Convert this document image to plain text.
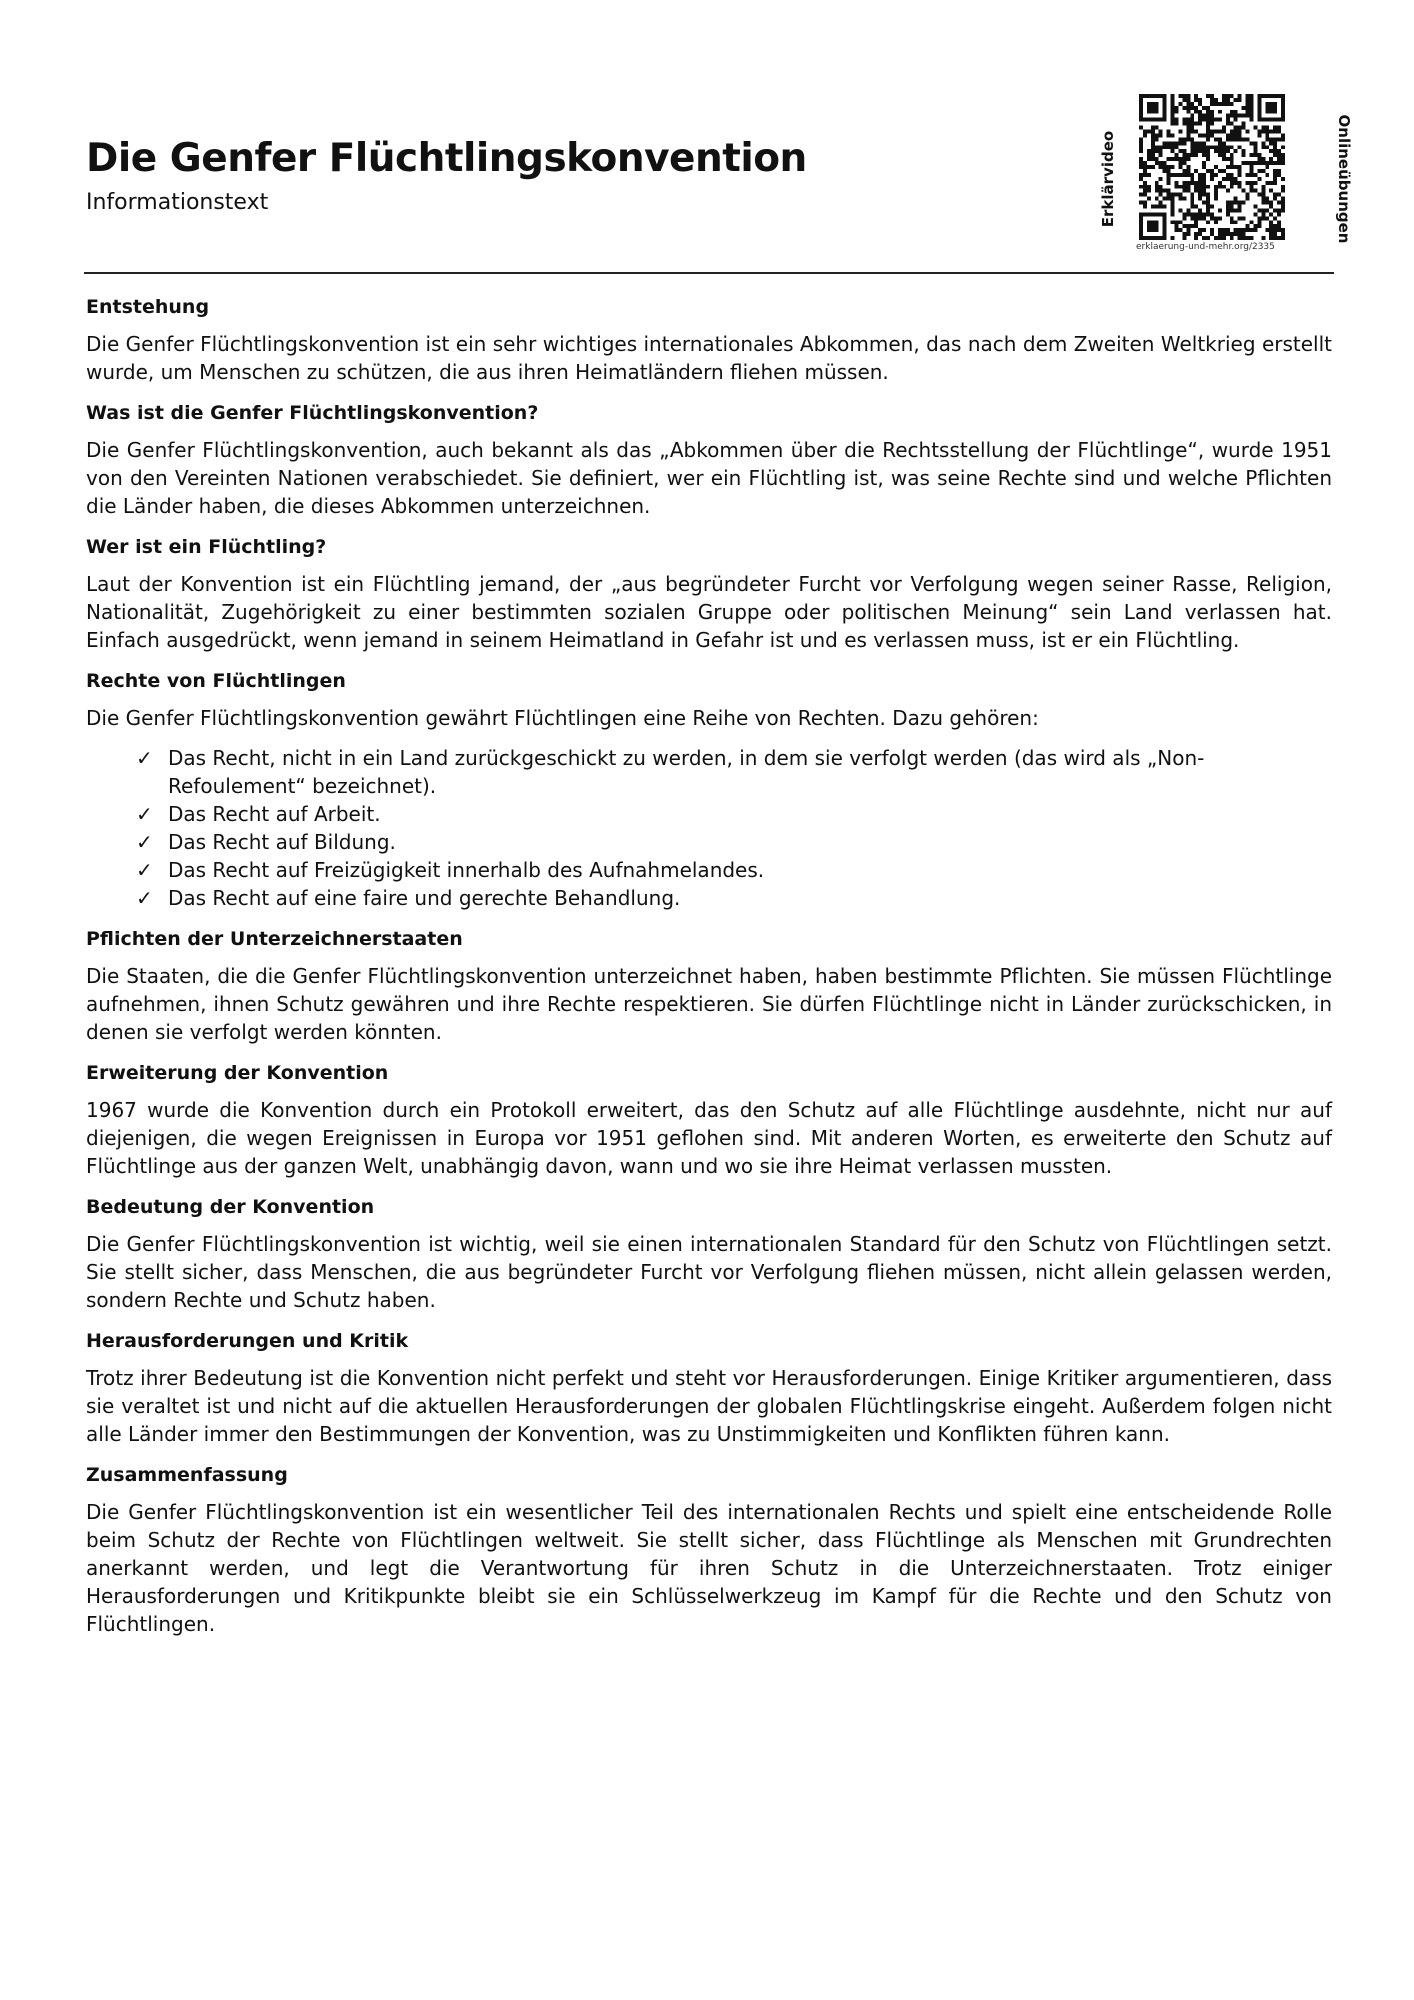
Die Genfer Flüchtlingskonvention
Informationstext	Erklärvideo	Onlineübungen
erklaerung-und-mehr.org/2335
Entstehung

Die Genfer Flüchtlingskonvention ist ein sehr wichtiges internationales Abkommen, das nach dem Zweiten Weltkrieg erstellt wurde, um Menschen zu schützen, die aus ihren Heimatländern fliehen müssen.

Was ist die Genfer Flüchtlingskonvention?

Die Genfer Flüchtlingskonvention, auch bekannt als das „Abkommen über die Rechtsstellung der Flüchtlinge“, wurde 1951 von den Vereinten Nationen verabschiedet. Sie definiert, wer ein Flüchtling ist, was seine Rechte sind und welche Pflichten die Länder haben, die dieses Abkommen unterzeichnen.

Wer ist ein Flüchtling?

Laut der Konvention ist ein Flüchtling jemand, der „aus begründeter Furcht vor Verfolgung wegen seiner Rasse, Religion, Nationalität, Zugehörigkeit zu einer bestimmten sozialen Gruppe oder politischen Meinung“ sein Land verlassen hat. Einfach ausgedrückt, wenn jemand in seinem Heimatland in Gefahr ist und es verlassen muss, ist er ein Flüchtling.

Rechte von Flüchtlingen

Die Genfer Flüchtlingskonvention gewährt Flüchtlingen eine Reihe von Rechten. Dazu gehören:

✓ Das Recht, nicht in ein Land zurückgeschickt zu werden, in dem sie verfolgt werden (das wird als „Non-Refoulement“ bezeichnet).
✓ Das Recht auf Arbeit.
✓ Das Recht auf Bildung.
✓ Das Recht auf Freizügigkeit innerhalb des Aufnahmelandes.
✓ Das Recht auf eine faire und gerechte Behandlung.
Pflichten der Unterzeichnerstaaten

Die Staaten, die die Genfer Flüchtlingskonvention unterzeichnet haben, haben bestimmte Pflichten. Sie müssen Flüchtlinge aufnehmen, ihnen Schutz gewähren und ihre Rechte respektieren. Sie dürfen Flüchtlinge nicht in Länder zurückschicken, in denen sie verfolgt werden könnten.

Erweiterung der Konvention

1967 wurde die Konvention durch ein Protokoll erweitert, das den Schutz auf alle Flüchtlinge ausdehnte, nicht nur auf diejenigen, die wegen Ereignissen in Europa vor 1951 geflohen sind. Mit anderen Worten, es erweiterte den Schutz auf Flüchtlinge aus der ganzen Welt, unabhängig davon, wann und wo sie ihre Heimat verlassen mussten.

Bedeutung der Konvention

Die Genfer Flüchtlingskonvention ist wichtig, weil sie einen internationalen Standard für den Schutz von Flüchtlingen setzt. Sie stellt sicher, dass Menschen, die aus begründeter Furcht vor Verfolgung fliehen müssen, nicht allein gelassen werden, sondern Rechte und Schutz haben.

Herausforderungen und Kritik

Trotz ihrer Bedeutung ist die Konvention nicht perfekt und steht vor Herausforderungen. Einige Kritiker argumentieren, dass sie veraltet ist und nicht auf die aktuellen Herausforderungen der globalen Flüchtlingskrise eingeht. Außerdem folgen nicht alle Länder immer den Bestimmungen der Konvention, was zu Unstimmigkeiten und Konflikten führen kann.

Zusammenfassung

Die Genfer Flüchtlingskonvention ist ein wesentlicher Teil des internationalen Rechts und spielt eine entscheidende Rolle beim Schutz der Rechte von Flüchtlingen weltweit. Sie stellt sicher, dass Flüchtlinge als Menschen mit Grundrechten anerkannt werden, und legt die Verantwortung für ihren Schutz in die Unterzeichnerstaaten. Trotz einiger Herausforderungen und Kritikpunkte bleibt sie ein Schlüsselwerkzeug im Kampf für die Rechte und den Schutz von Flüchtlingen.
